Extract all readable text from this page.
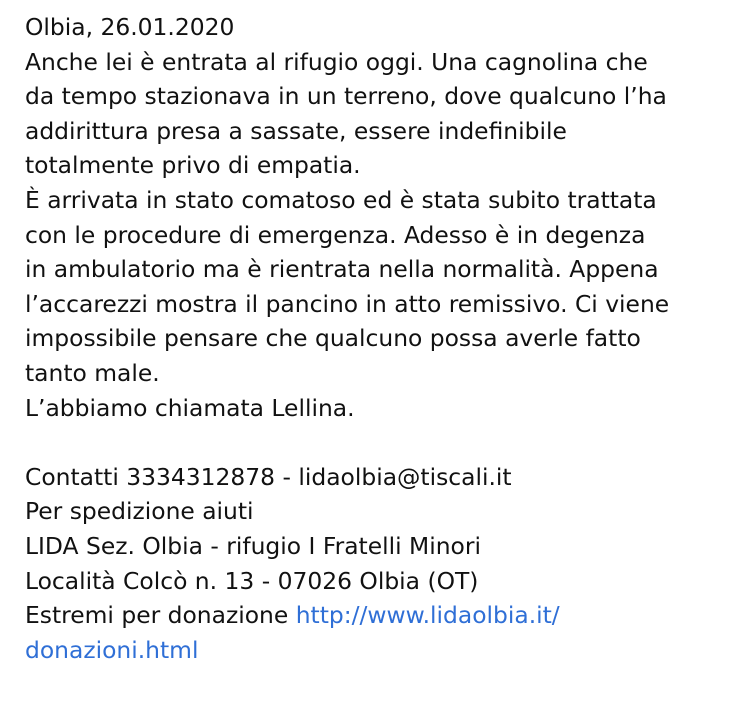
Olbia, 26.01.2020
Anche lei è entrata al rifugio oggi. Una cagnolina che
da tempo stazionava in un terreno, dove qualcuno l’ha
addirittura presa a sassate, essere indefinibile
totalmente privo di empatia.
È arrivata in stato comatoso ed è stata subito trattata
con le procedure di emergenza. Adesso è in degenza
in ambulatorio ma è rientrata nella normalità. Appena
l’accarezzi mostra il pancino in atto remissivo. Ci viene
impossibile pensare che qualcuno possa averle fatto
tanto male.
L’abbiamo chiamata Lellina.
Contatti 3334312878 - lidaolbia@tiscali.it
Per spedizione aiuti
LIDA Sez. Olbia - rifugio I Fratelli Minori
Località Colcò n. 13 - 07026 Olbia (OT)
Estremi per donazione http://www.lidaolbia.it/
donazioni.html
